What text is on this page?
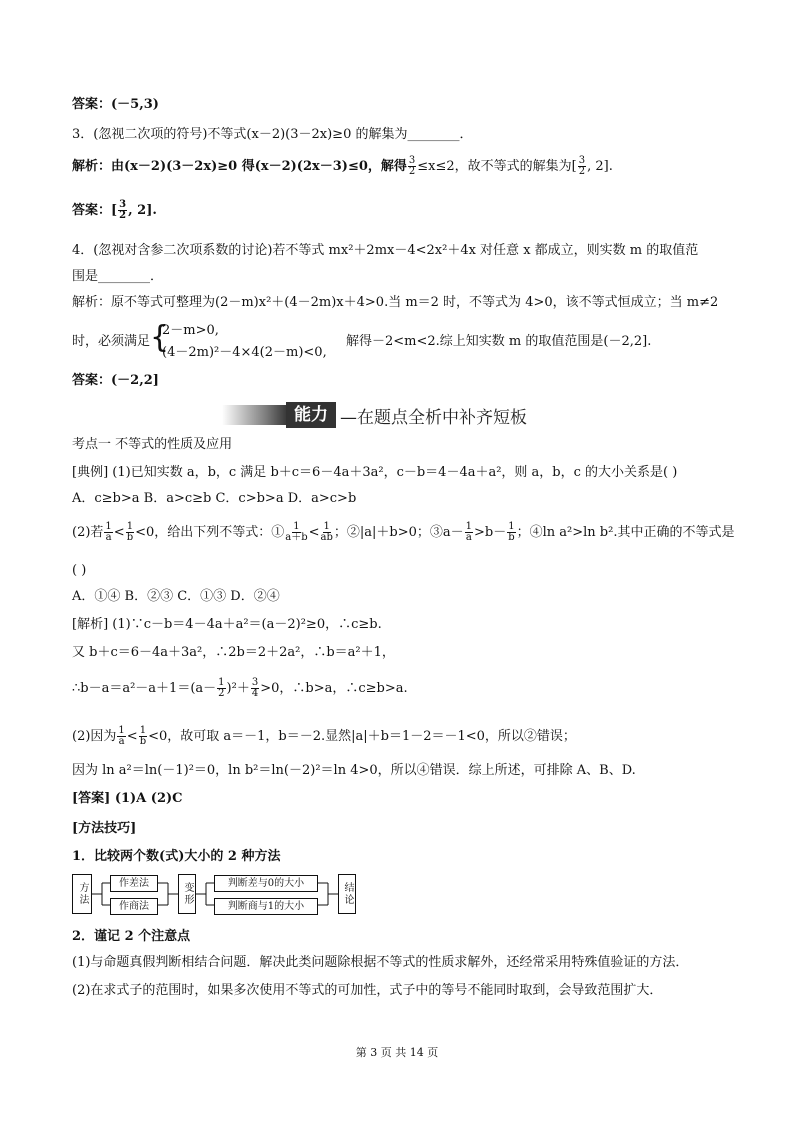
答案：(－5,3)
3．(忽视二次项的符号)不等式(x－2)(3－2x)≥0 的解集为________．
解析：由(x－2)(3－2x)≥0 得(x－2)(2x－3)≤0，解得 $\frac{3}{2} \le x\le 2$，故不等式的解集为[ $\frac{3}{2}$ , 2].
答案：[ $\frac{3}{2}$ , 2].
4．(忽视对含参二次项系数的讨论)若不等式 mx²＋2mx－4<2x²＋4x 对任意 x 都成立，则实数 m 的取值范
围是________．
解析：原不等式可整理为(2－m)x²＋(4－2m)x＋4>0.当 m＝2 时，不等式为 4>0，该不等式恒成立；当 m≠2
时，必须满足 {
2－m>0,
(4－2m)²－4×4(2－m)<0,
解得－2<m<2.综上知实数 m 的取值范围是(－2,2].
答案：(－2,2]
能力 —在题点全析中补齐短板
考点一 不等式的性质及应用
[典例] (1)已知实数 a，b，c 满足 b＋c＝6－4a＋3a²，c－b＝4－4a＋a²，则 a，b，c 的大小关系是( )
A．c≥b>a B．a>c≥b C．c>b>a D．a>c>b
(2)若 $\frac{1}{a} < \frac{1}{b} <0$，给出下列不等式：① $\frac{1}{a+b} < \frac{1}{ab}$ ；②|a|＋b>0；③a－ $\frac{1}{a} >b- \frac{1}{b}$ ；④ln a²>ln b².其中正确的不等式是
( )
A．①④ B．②③ C．①③ D．②④
[解析] (1)∵c－b＝4－4a＋a²＝(a－2)²≥0，∴c≥b.
又 b＋c＝6－4a＋3a²，∴2b＝2＋2a²，∴b＝a²＋1，
∴b－a＝a²－a＋1＝(a－ $\frac{1}{2} )^2+ \frac{3}{4} >0$，∴b>a，∴c≥b>a.
(2)因为 $\frac{1}{a} < \frac{1}{b} <0$，故可取 a＝－1，b＝－2.显然|a|＋b＝1－2＝－1<0，所以②错误；
因为 ln a²＝ln(－1)²＝0，ln b²＝ln(－2)²＝ln 4>0，所以④错误．综上所述，可排除 A、B、D.
[答案] (1)A (2)C
[方法技巧]
1．比较两个数(式)大小的 2 种方法
方法	作差法
作商法
变形	判断差与0的大小
判断商与1的大小
结论
2．谨记 2 个注意点
(1)与命题真假判断相结合问题．解决此类问题除根据不等式的性质求解外，还经常采用特殊值验证的方法．
(2)在求式子的范围时，如果多次使用不等式的可加性，式子中的等号不能同时取到，会导致范围扩大．
第 3 页 共 14 页
